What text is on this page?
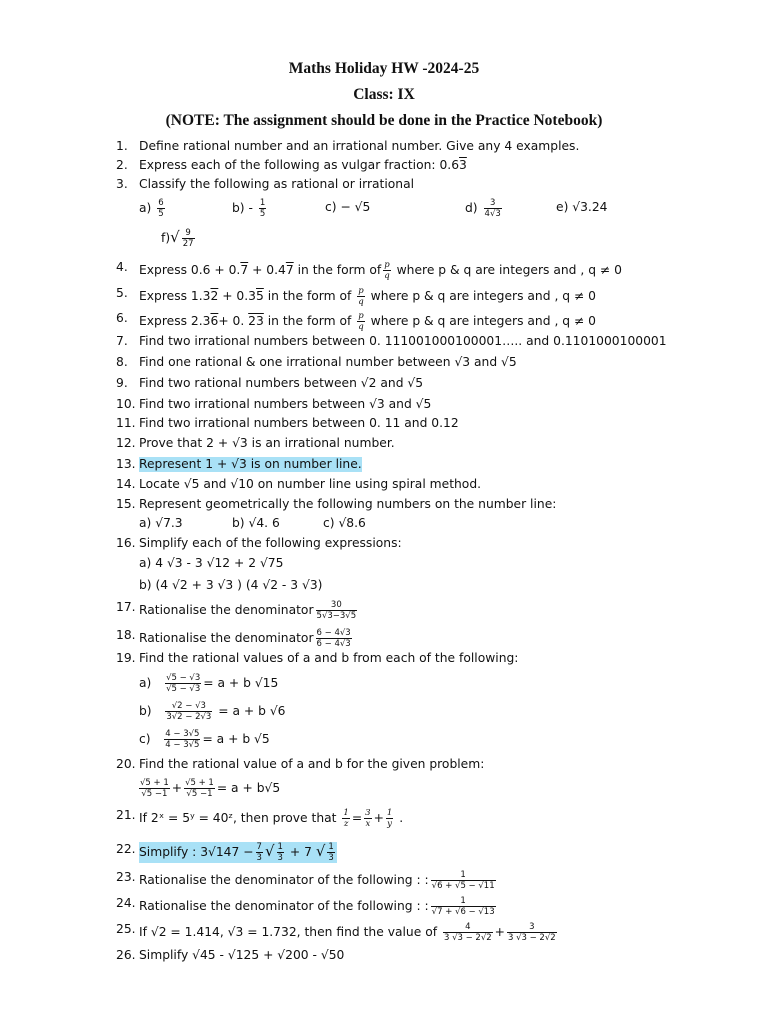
Maths Holiday HW -2024-25
Class: IX
(NOTE: The assignment should be done in the Practice Notebook)
1. Define rational number and an irrational number. Give any 4 examples.
2. Express each of the following as vulgar fraction: 0.63
3. Classify the following as rational or irrational
$a) \frac{6}{5}$	$b) - \frac{1}{5}$	c) − √5	$d) \frac{3}{4√3}$	e) √3.24
$f)√ \frac{9}{27}$
4. Express 0.6 + 0.7 + 0.47 in the form of $\frac{p}{q}$ where p & q are integers and , q ≠ 0
5. Express 1.32 + 0.35 in the form of $\frac{p}{q}$ where p & q are integers and , q ≠ 0
6. Express 2.36+ 0. 23 in the form of $\frac{p}{q}$ where p & q are integers and , q ≠ 0
7. Find two irrational numbers between 0. 111001000100001….. and 0.1101000100001
8. Find one rational & one irrational number between √3 and √5
9. Find two rational numbers between √2 and √5
10. Find two irrational numbers between √3 and √5
11. Find two irrational numbers between 0. 11 and 0.12
12. Prove that 2 + √3 is an irrational number.
13. Represent 1 + √3 is on number line.
14. Locate √5 and √10 on number line using spiral method.
15. Represent geometrically the following numbers on the number line:
a) √7.3	b) √4. 6	c) √8.6
16. Simplify each of the following expressions:
a) 4 √3 - 3 √12 + 2 √75
b) (4 √2 + 3 √3 ) (4 √2 - 3 √3)
17. Rationalise the denominator $\frac{30}{5√3-3√5}$
18. Rationalise the denominator $\frac{6 - 4√3}{6 - 4√3}$
19. Find the rational values of a and b from each of the following:
$a) \frac{√5 - √3}{√5 - √3} = a + b$ √15
$b) \frac{√2 - √3}{3√2 - 2√3} = a + b$ √6
$c) \frac{4 - 3√5}{4 - 3√5} = a + b$ √5
20. Find the rational value of a and b for the given problem:
$\frac{√5 + 1}{√5 -1} + \frac{√5 + 1}{√5 -1} = a + b√5$
21. If 2ˣ = 5ʸ = 40ᶻ, then prove that $\frac{1}{z} = \frac{3}{x} + \frac{1}{y}$ .
22. Simplify : $3√147 - \frac{7}{3}$ √ $\frac{1}{3} + 7$ √ $\frac{1}{3}$
23. Rationalise the denominator of the following : : $\frac{1}{√6 + √5 - √11}$
24. Rationalise the denominator of the following : : $\frac{1}{√7 + √6 - √13}$
25. If √2 = 1.414, √3 = 1.732, then find the value of $\frac{4}{3 √3 - 2√2} + \frac{3}{3 √3 - 2√2}$
26. Simplify √45 - √125 + √200 - √50
